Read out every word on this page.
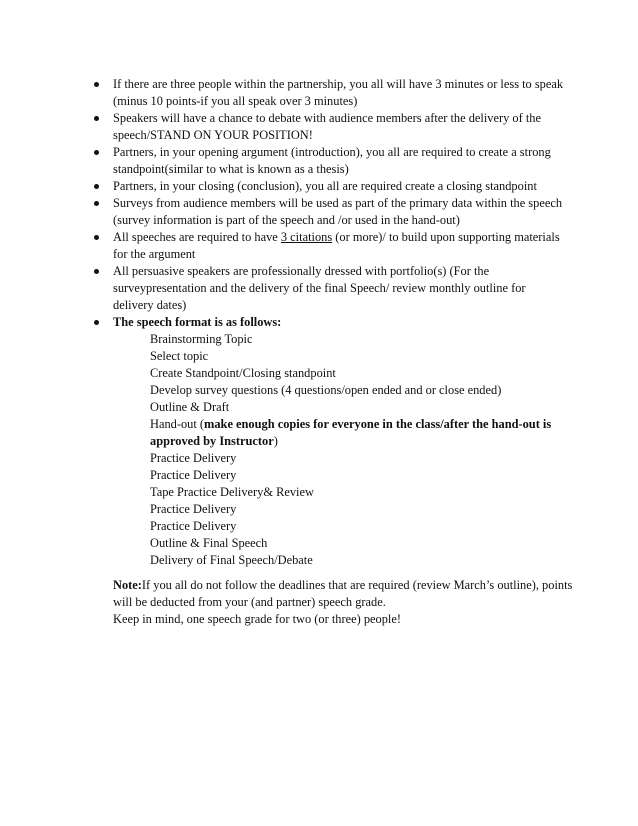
If there are three people within the partnership, you all will have 3 minutes or less to speak (minus 10 points-if you all speak over 3 minutes)
Speakers will have a chance to debate with audience members after the delivery of the speech/STAND ON YOUR POSITION!
Partners, in your opening argument (introduction), you all are required to create a strong standpoint(similar to what is known as a thesis)
Partners, in your closing (conclusion), you all are required create a closing standpoint
Surveys from audience members will be used as part of the primary data within the speech (survey information is part of the speech and /or used in the hand-out)
All speeches are required to have 3 citations (or more)/ to build upon supporting materials for the argument
All persuasive speakers are professionally dressed with portfolio(s) (For the surveypresentation and the delivery of the final Speech/ review monthly outline for delivery dates)
The speech format is as follows:
Brainstorming Topic
Select topic
Create Standpoint/Closing standpoint
Develop survey questions (4 questions/open ended and or close ended)
Outline & Draft
Hand-out (make enough copies for everyone in the class/after the hand-out is approved by Instructor)
Practice Delivery
Practice Delivery
Tape Practice Delivery& Review
Practice Delivery
Practice Delivery
Outline & Final Speech
Delivery of Final Speech/Debate

Note:If you all do not follow the deadlines that are required (review March’s outline), points will be deducted from your (and partner) speech grade.

Keep in mind, one speech grade for two (or three) people!
